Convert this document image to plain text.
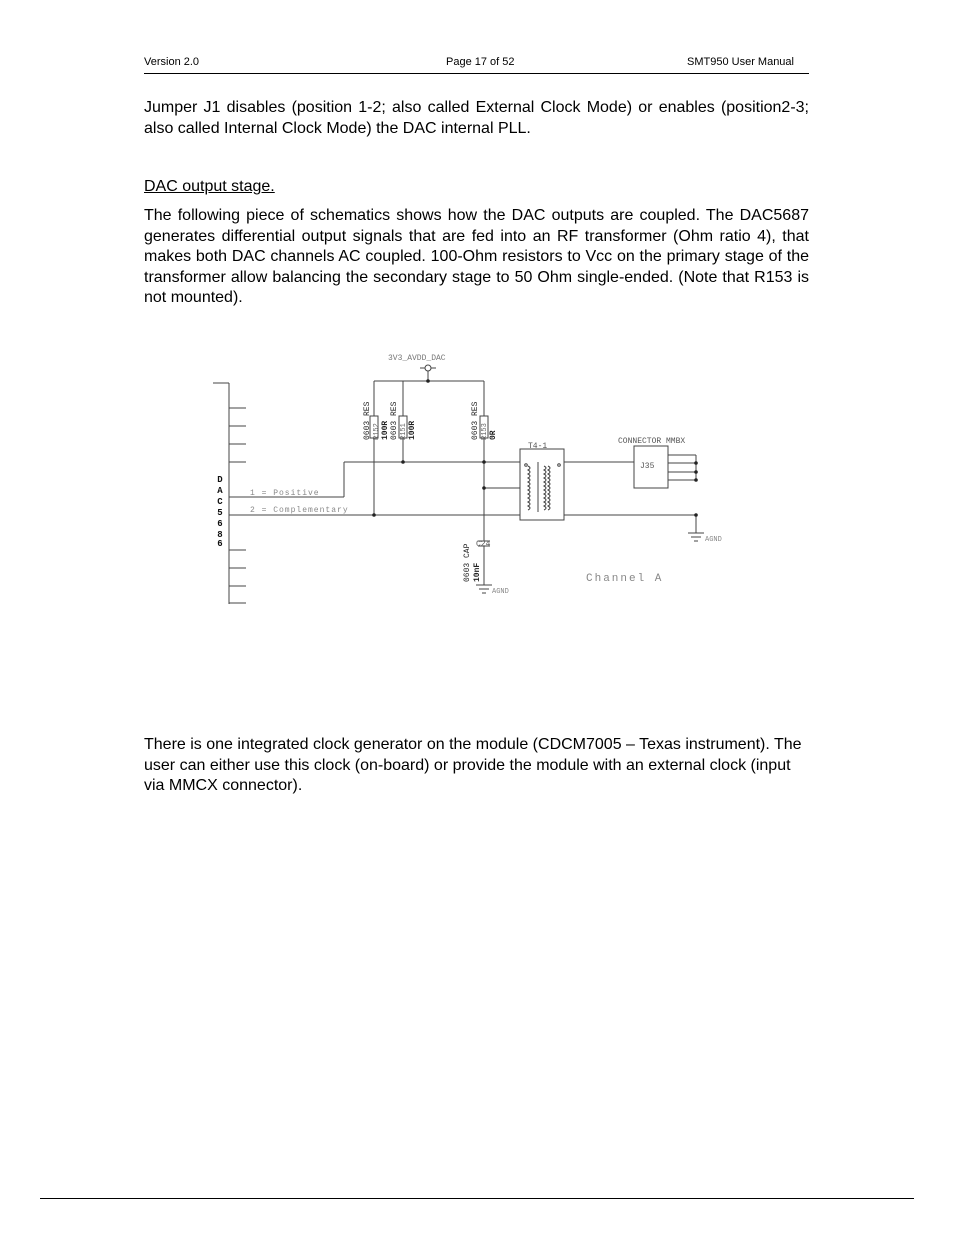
Version 2.0	Page 17 of 52	SMT950 User Manual

Jumper J1 disables (position 1-2; also called External Clock Mode) or enables (position2-3; also called Internal Clock Mode) the DAC internal PLL.

DAC output stage.

The following piece of schematics shows how the DAC outputs are coupled. The DAC5687 generates differential output signals that are fed into an RF transformer (Ohm ratio 4), that makes both DAC channels AC coupled. 100-Ohm resistors to Vcc on the primary stage of the transformer allow balancing the secondary stage to 50 Ohm single-ended. (Note that R153 is not mounted).

3V3_AVDD_DAC
D
A
C
5
6
8
6
1 = Positive
2 = Complementary
0603 RES R152 100R 0603 RES R151 100R	0603 RES R153 0R
T4-1
CONNECTOR MMBX
J35
0603 CAP 10nF
C24
AGND
AGND
Channel A

There is one integrated clock generator on the module (CDCM7005 – Texas instrument). The user can either use this clock (on-board) or provide the module with an external clock (input via MMCX connector).
